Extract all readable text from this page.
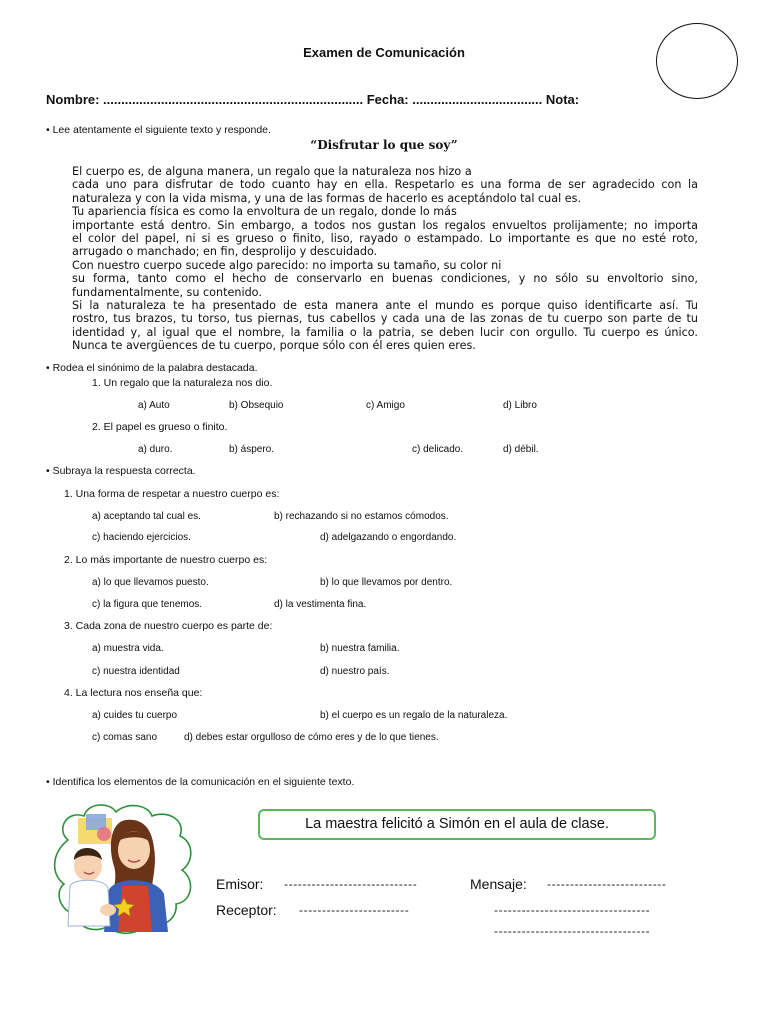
Examen de Comunicación
Nombre: ........................................................................ Fecha: .................................... Nota:
• Lee atentamente el siguiente texto y responde.
“Disfrutar lo que soy”
El cuerpo es, de alguna manera, un regalo que la naturaleza nos hizo a
cada uno para disfrutar de todo cuanto hay en ella. Respetarlo es una forma de ser agradecido con la
naturaleza y con la vida misma, y una de las formas de hacerlo es aceptándolo tal cual es.
Tu apariencia física es como la envoltura de un regalo, donde lo más
importante está dentro. Sin embargo, a todos nos gustan los regalos envueltos prolijamente; no importa
el color del papel, ni si es grueso o finito, liso, rayado o estampado. Lo importante es que no esté roto,
arrugado o manchado; en fin, desprolijo y descuidado.
Con nuestro cuerpo sucede algo parecido: no importa su tamaño, su color ni
su forma, tanto como el hecho de conservarlo en buenas condiciones, y no sólo su envoltorio sino,
fundamentalmente, su contenido.
Si la naturaleza te ha presentado de esta manera ante el mundo es porque quiso identificarte así. Tu
rostro, tus brazos, tu torso, tus piernas, tus cabellos y cada una de las zonas de tu cuerpo son parte de tu
identidad y, al igual que el nombre, la familia o la patria, se deben lucir con orgullo. Tu cuerpo es único.
Nunca te avergüences de tu cuerpo, porque sólo con él eres quien eres.
• Rodea el sinónimo de la palabra destacada.
1. Un regalo que la naturaleza nos dio.
a) Auto	b) Obsequio	c) Amigo	d) Libro
2. El papel es grueso o finito.
a) duro.	b) áspero.	c) delicado.	d) débil.
• Subraya la respuesta correcta.
1. Una forma de respetar a nuestro cuerpo es:
a) aceptando tal cual es.	b) rechazando si no estamos cómodos.
c) haciendo ejercicios.	d) adelgazando o engordando.
2. Lo más importante de nuestro cuerpo es:
a) lo que llevamos puesto.	b) lo que llevamos por dentro.
c) la figura que tenemos.	d) la vestimenta fina.
3. Cada zona de nuestro cuerpo es parte de:
a) muestra vida.	b) nuestra familia.
c) nuestra identidad	d) nuestro país.
4. La lectura nos enseña que:
a) cuides tu cuerpo	b) el cuerpo es un regalo de la naturaleza.
c) comas sano	d) debes estar orgulloso de cómo eres y de lo que tienes.
• Identifica los elementos de la comunicación en el siguiente texto.
La maestra felicitó a Simón en el aula de clase.
Emisor: -----------------------------	Mensaje: --------------------------
Receptor: ------------------------	----------------------------------
----------------------------------
